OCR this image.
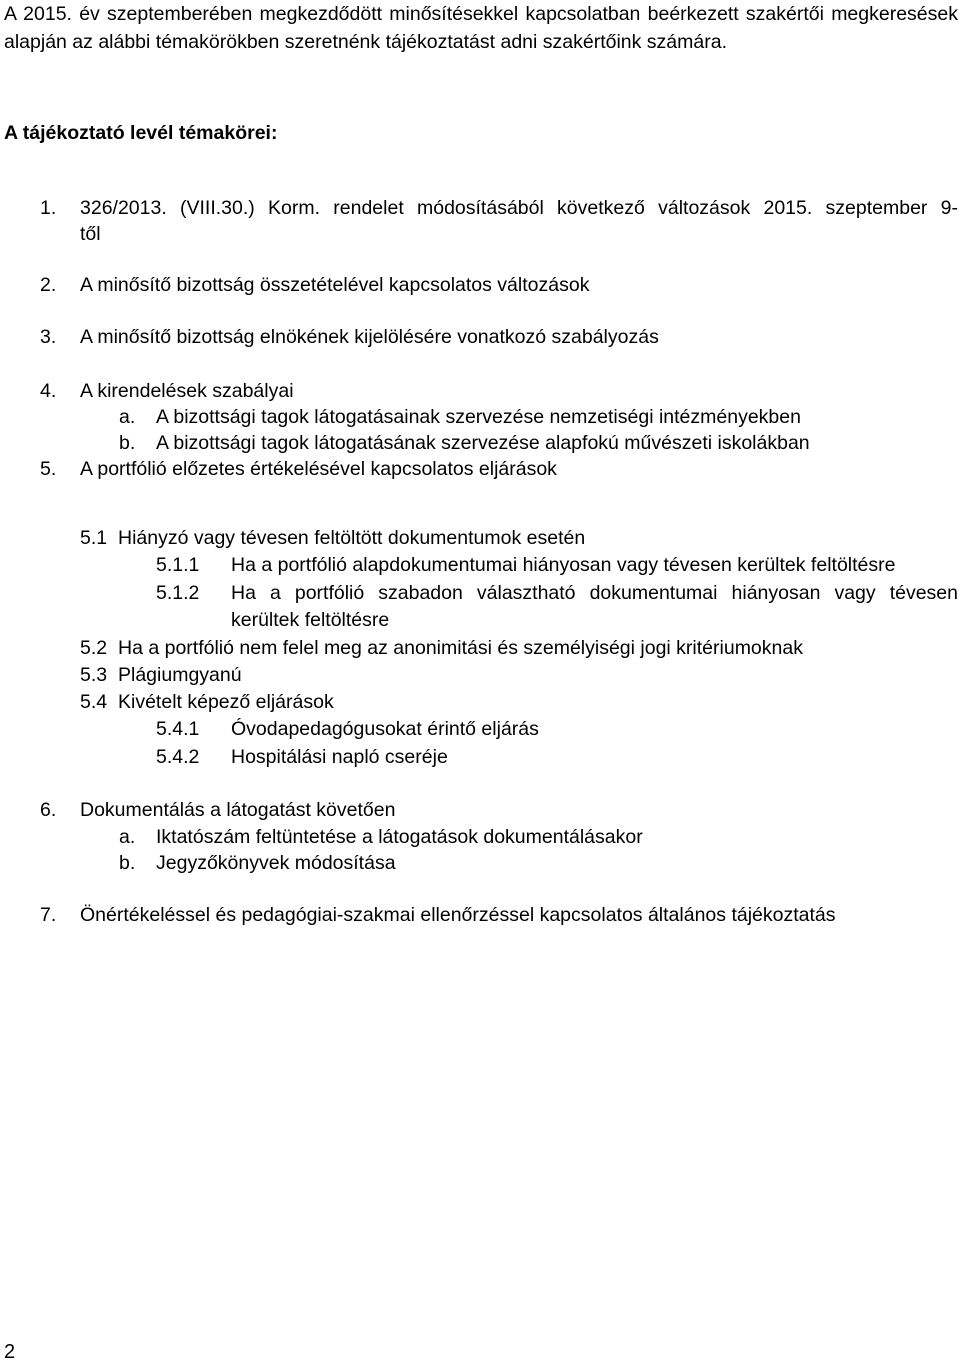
A 2015. év szeptemberében megkezdődött minősítésekkel kapcsolatban beérkezett szakértői megkeresések alapján az alábbi témakörökben szeretnénk tájékoztatást adni szakértőink számára.
A tájékoztató levél témakörei:
1. 326/2013. (VIII.30.) Korm. rendelet módosításából következő változások 2015. szeptember 9-
től
2. A minősítő bizottság összetételével kapcsolatos változások
3. A minősítő bizottság elnökének kijelölésére vonatkozó szabályozás
4. A kirendelések szabályai
a. A bizottsági tagok látogatásainak szervezése nemzetiségi intézményekben
b. A bizottsági tagok látogatásának szervezése alapfokú művészeti iskolákban
5. A portfólió előzetes értékelésével kapcsolatos eljárások
5.1 Hiányzó vagy tévesen feltöltött dokumentumok esetén
5.1.1 Ha a portfólió alapdokumentumai hiányosan vagy tévesen kerültek feltöltésre
5.1.2 Ha a portfólió szabadon választható dokumentumai hiányosan vagy tévesen
kerültek feltöltésre
5.2 Ha a portfólió nem felel meg az anonimitási és személyiségi jogi kritériumoknak
5.3 Plágiumgyanú
5.4 Kivételt képező eljárások
5.4.1 Óvodapedagógusokat érintő eljárás
5.4.2 Hospitálási napló cseréje
6. Dokumentálás a látogatást követően
a. Iktatószám feltüntetése a látogatások dokumentálásakor
b. Jegyzőkönyvek módosítása
7. Önértékeléssel és pedagógiai-szakmai ellenőrzéssel kapcsolatos általános tájékoztatás
2
